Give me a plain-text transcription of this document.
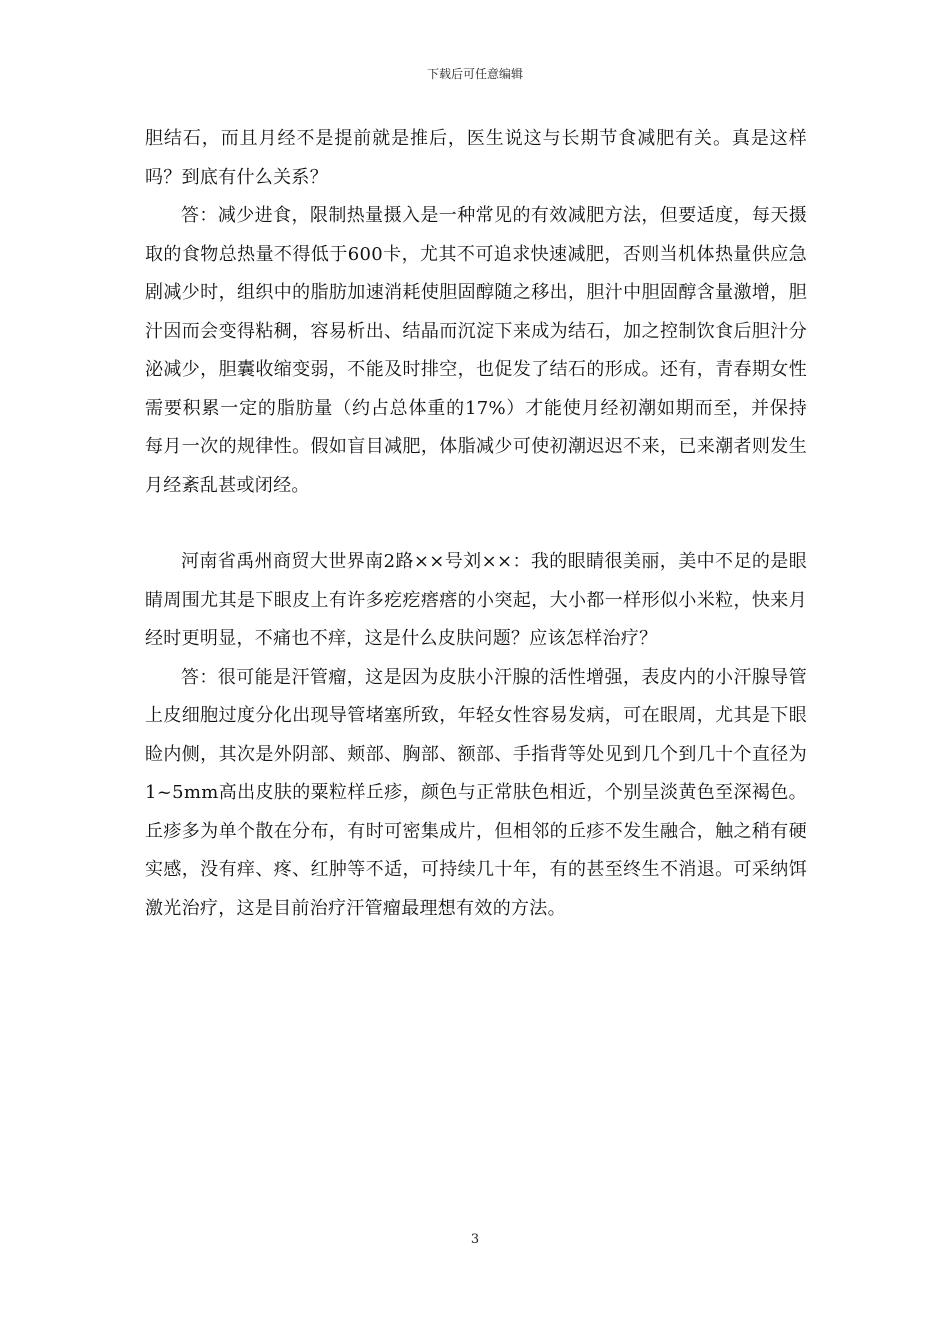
下载后可任意编辑

胆结石，而且月经不是提前就是推后，医生说这与长期节食减肥有关。真是这样吗？到底有什么关系？

答：减少进食，限制热量摄入是一种常见的有效减肥方法，但要适度，每天摄取的食物总热量不得低于600卡，尤其不可追求快速减肥，否则当机体热量供应急剧减少时，组织中的脂肪加速消耗使胆固醇随之移出，胆汁中胆固醇含量激增，胆汁因而会变得粘稠，容易析出、结晶而沉淀下来成为结石，加之控制饮食后胆汁分泌减少，胆囊收缩变弱，不能及时排空，也促发了结石的形成。还有，青春期女性需要积累一定的脂肪量（约占总体重的17%）才能使月经初潮如期而至，并保持每月一次的规律性。假如盲目减肥，体脂减少可使初潮迟迟不来，已来潮者则发生月经紊乱甚或闭经。

河南省禹州商贸大世界南2路××号刘××：我的眼睛很美丽，美中不足的是眼睛周围尤其是下眼皮上有许多疙疙瘩瘩的小突起，大小都一样形似小米粒，快来月经时更明显，不痛也不痒，这是什么皮肤问题？应该怎样治疗？

答：很可能是汗管瘤，这是因为皮肤小汗腺的活性增强，表皮内的小汗腺导管上皮细胞过度分化出现导管堵塞所致，年轻女性容易发病，可在眼周，尤其是下眼睑内侧，其次是外阴部、颊部、胸部、额部、手指背等处见到几个到几十个直径为1~5mm高出皮肤的粟粒样丘疹，颜色与正常肤色相近，个别呈淡黄色至深褐色。丘疹多为单个散在分布，有时可密集成片，但相邻的丘疹不发生融合，触之稍有硬实感，没有痒、疼、红肿等不适，可持续几十年，有的甚至终生不消退。可采纳饵激光治疗，这是目前治疗汗管瘤最理想有效的方法。

3
